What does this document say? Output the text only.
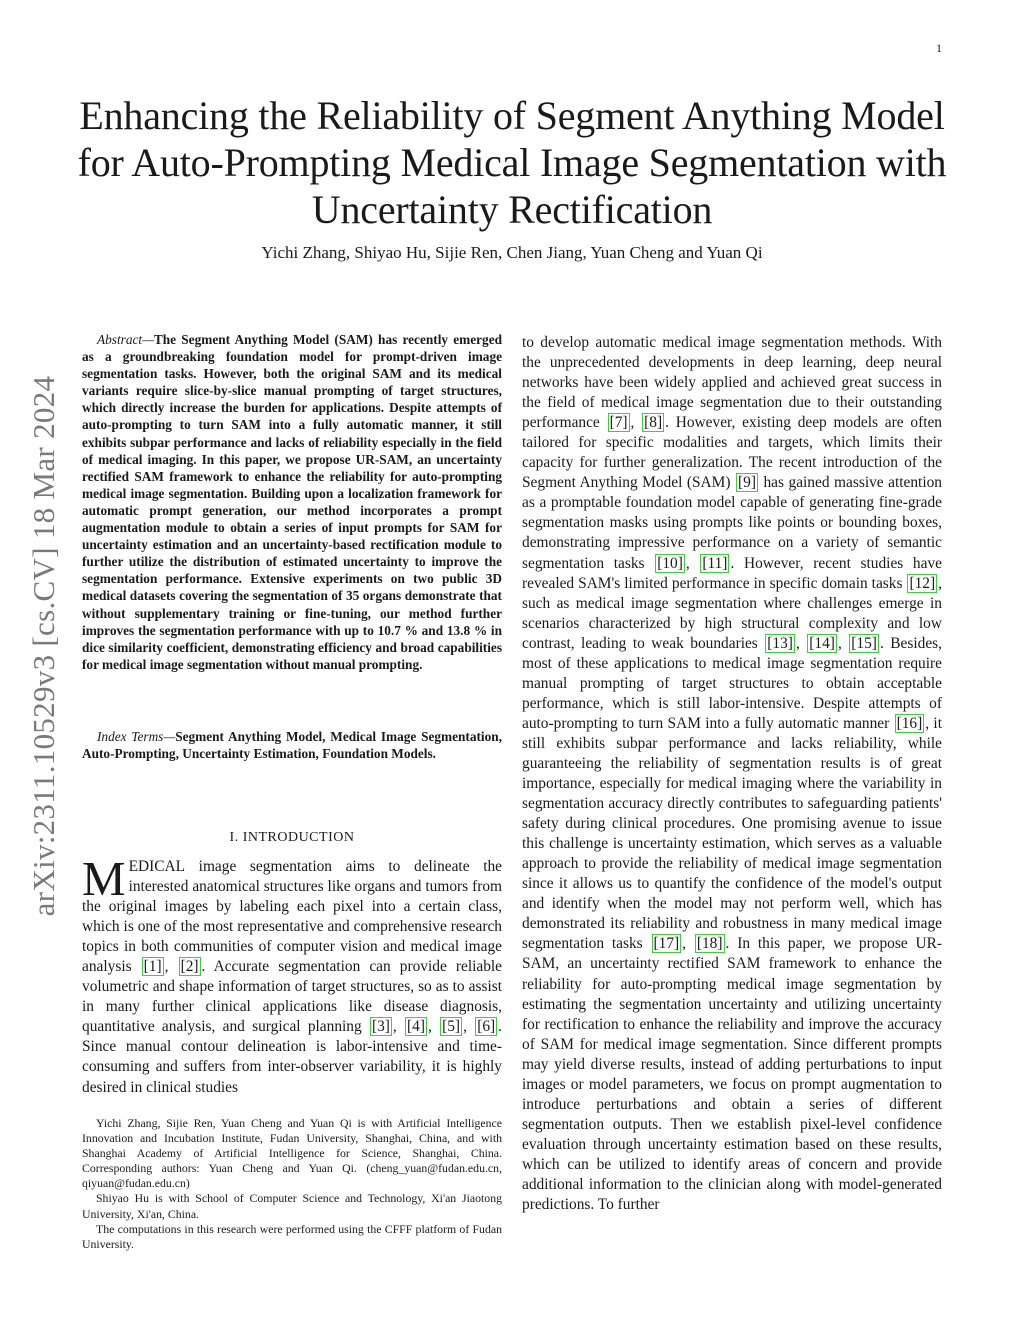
1
Enhancing the Reliability of Segment Anything Model for Auto-Prompting Medical Image Segmentation with Uncertainty Rectification
Yichi Zhang, Shiyao Hu, Sijie Ren, Chen Jiang, Yuan Cheng and Yuan Qi
arXiv:2311.10529v3 [cs.CV] 18 Mar 2024

Abstract—The Segment Anything Model (SAM) has recently emerged as a groundbreaking foundation model for prompt-driven image segmentation tasks. However, both the original SAM and its medical variants require slice-by-slice manual prompting of target structures, which directly increase the burden for applications. Despite attempts of auto-prompting to turn SAM into a fully automatic manner, it still exhibits subpar performance and lacks of reliability especially in the field of medical imaging. In this paper, we propose UR-SAM, an uncertainty rectified SAM framework to enhance the reliability for auto-prompting medical image segmentation. Building upon a localization framework for automatic prompt generation, our method incorporates a prompt augmentation module to obtain a series of input prompts for SAM for uncertainty estimation and an uncertainty-based rectification module to further utilize the distribution of estimated uncertainty to improve the segmentation performance. Extensive experiments on two public 3D medical datasets covering the segmentation of 35 organs demonstrate that without supplementary training or fine-tuning, our method further improves the segmentation performance with up to 10.7 % and 13.8 % in dice similarity coefficient, demonstrating efficiency and broad capabilities for medical image segmentation without manual prompting.

Index Terms—Segment Anything Model, Medical Image Segmentation, Auto-Prompting, Uncertainty Estimation, Foundation Models.

I. INTRODUCTION

MEDICAL image segmentation aims to delineate the interested anatomical structures like organs and tumors from the original images by labeling each pixel into a certain class, which is one of the most representative and comprehensive research topics in both communities of computer vision and medical image analysis [1] , [2] . Accurate segmentation can provide reliable volumetric and shape information of target structures, so as to assist in many further clinical applications like disease diagnosis, quantitative analysis, and surgical planning [3] , [4] , [5] , [6] . Since manual contour delineation is labor-intensive and time-consuming and suffers from inter-observer variability, it is highly desired in clinical studies

Yichi Zhang, Sijie Ren, Yuan Cheng and Yuan Qi is with Artificial Intelligence Innovation and Incubation Institute, Fudan University, Shanghai, China, and with Shanghai Academy of Artificial Intelligence for Science, Shanghai, China. Corresponding authors: Yuan Cheng and Yuan Qi. (cheng_yuan@fudan.edu.cn, qiyuan@fudan.edu.cn)

Shiyao Hu is with School of Computer Science and Technology, Xi'an Jiaotong University, Xi'an, China.

The computations in this research were performed using the CFFF platform of Fudan University.

to develop automatic medical image segmentation methods. With the unprecedented developments in deep learning, deep neural networks have been widely applied and achieved great success in the field of medical image segmentation due to their outstanding performance [7] , [8] . However, existing deep models are often tailored for specific modalities and targets, which limits their capacity for further generalization. The recent introduction of the Segment Anything Model (SAM) [9] has gained massive attention as a promptable foundation model capable of generating fine-grade segmentation masks using prompts like points or bounding boxes, demonstrating impressive performance on a variety of semantic segmentation tasks [10] , [11] . However, recent studies have revealed SAM's limited performance in specific domain tasks [12] , such as medical image segmentation where challenges emerge in scenarios characterized by high structural complexity and low contrast, leading to weak boundaries [13] , [14] , [15] . Besides, most of these applications to medical image segmentation require manual prompting of target structures to obtain acceptable performance, which is still labor-intensive. Despite attempts of auto-prompting to turn SAM into a fully automatic manner [16] , it still exhibits subpar performance and lacks reliability, while guaranteeing the reliability of segmentation results is of great importance, especially for medical imaging where the variability in segmentation accuracy directly contributes to safeguarding patients' safety during clinical procedures. One promising avenue to issue this challenge is uncertainty estimation, which serves as a valuable approach to provide the reliability of medical image segmentation since it allows us to quantify the confidence of the model's output and identify when the model may not perform well, which has demonstrated its reliability and robustness in many medical image segmentation tasks [17] , [18] . In this paper, we propose UR-SAM, an uncertainty rectified SAM framework to enhance the reliability for auto-prompting medical image segmentation by estimating the segmentation uncertainty and utilizing uncertainty for rectification to enhance the reliability and improve the accuracy of SAM for medical image segmentation. Since different prompts may yield diverse results, instead of adding perturbations to input images or model parameters, we focus on prompt augmentation to introduce perturbations and obtain a series of different segmentation outputs. Then we establish pixel-level confidence evaluation through uncertainty estimation based on these results, which can be utilized to identify areas of concern and provide additional information to the clinician along with model-generated predictions. To further
